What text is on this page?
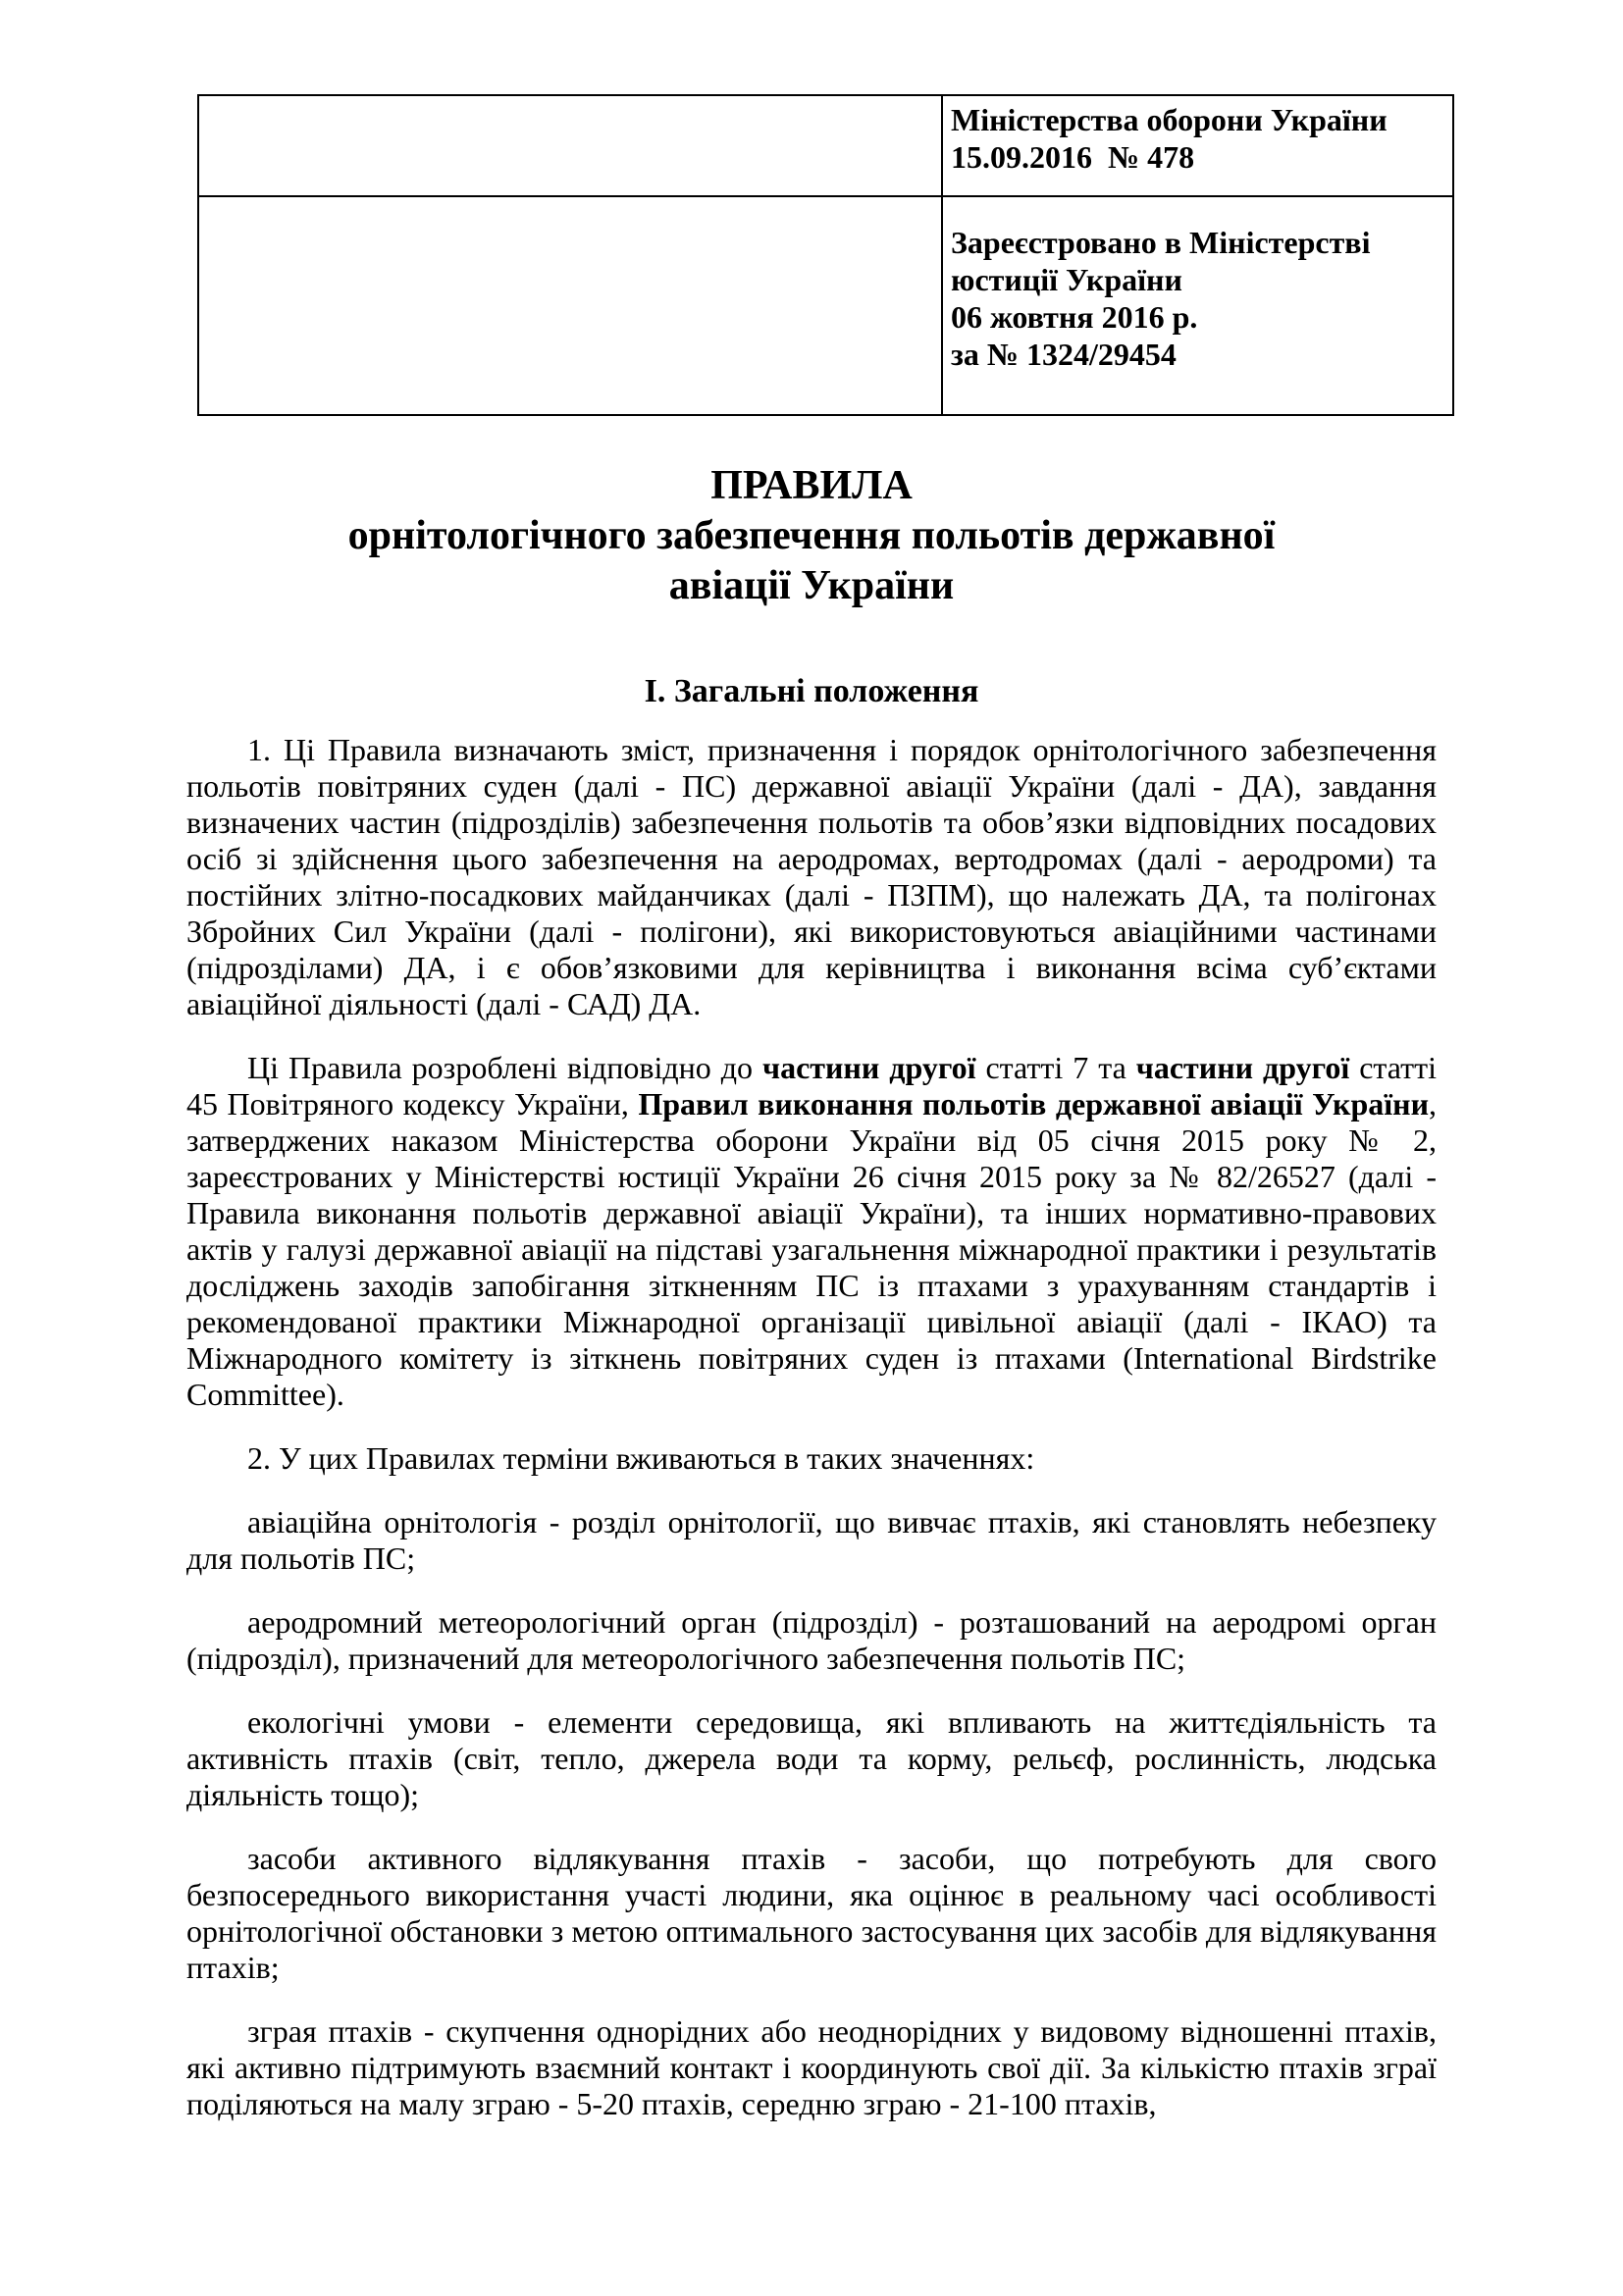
	Міністерства оборони України
15.09.2016  № 478

	Зареєстровано в Міністерстві
юстиції України
06 жовтня 2016 р.
за № 1324/29454
ПРАВИЛА
орнітологічного забезпечення польотів державної
авіації України
І. Загальні положення

1. Ці Правила визначають зміст, призначення і порядок орнітологічного забезпечення польотів повітряних суден (далі - ПС) державної авіації України (далі - ДА), завдання визначених частин (підрозділів) забезпечення польотів та обов’язки відповідних посадових осіб зі здійснення цього забезпечення на аеродромах, вертодромах (далі - аеродроми) та постійних злітно-посадкових майданчиках (далі - ПЗПМ), що належать ДА, та полігонах Збройних Сил України (далі - полігони), які використовуються авіаційними частинами (підрозділами) ДА, і є обов’язковими для керівництва і виконання всіма суб’єктами авіаційної діяльності (далі - САД) ДА.

Ці Правила розроблені відповідно до частини другої статті 7 та частини другої статті 45 Повітряного кодексу України, Правил виконання польотів державної авіації України, затверджених наказом Міністерства оборони України від 05 січня 2015 року № 2, зареєстрованих у Міністерстві юстиції України 26 січня 2015 року за № 82/26527 (далі - Правила виконання польотів державної авіації України), та інших нормативно-правових актів у галузі державної авіації на підставі узагальнення міжнародної практики і результатів досліджень заходів запобігання зіткненням ПС із птахами з урахуванням стандартів і рекомендованої практики Міжнародної організації цивільної авіації (далі - ІКАО) та Міжнародного комітету із зіткнень повітряних суден із птахами (International Birdstrike Committee).

2. У цих Правилах терміни вживаються в таких значеннях:

авіаційна орнітологія - розділ орнітології, що вивчає птахів, які становлять небезпеку для польотів ПС;

аеродромний метеорологічний орган (підрозділ) - розташований на аеродромі орган (підрозділ), призначений для метеорологічного забезпечення польотів ПС;

екологічні умови - елементи середовища, які впливають на життєдіяльність та активність птахів (світ, тепло, джерела води та корму, рельєф, рослинність, людська діяльність тощо);

засоби активного відлякування птахів - засоби, що потребують для свого безпосереднього використання участі людини, яка оцінює в реальному часі особливості орнітологічної обстановки з метою оптимального застосування цих засобів для відлякування птахів;

зграя птахів - скупчення однорідних або неоднорідних у видовому відношенні птахів, які активно підтримують взаємний контакт і координують свої дії. За кількістю птахів зграї поділяються на малу зграю - 5-20 птахів, середню зграю - 21-100 птахів,
